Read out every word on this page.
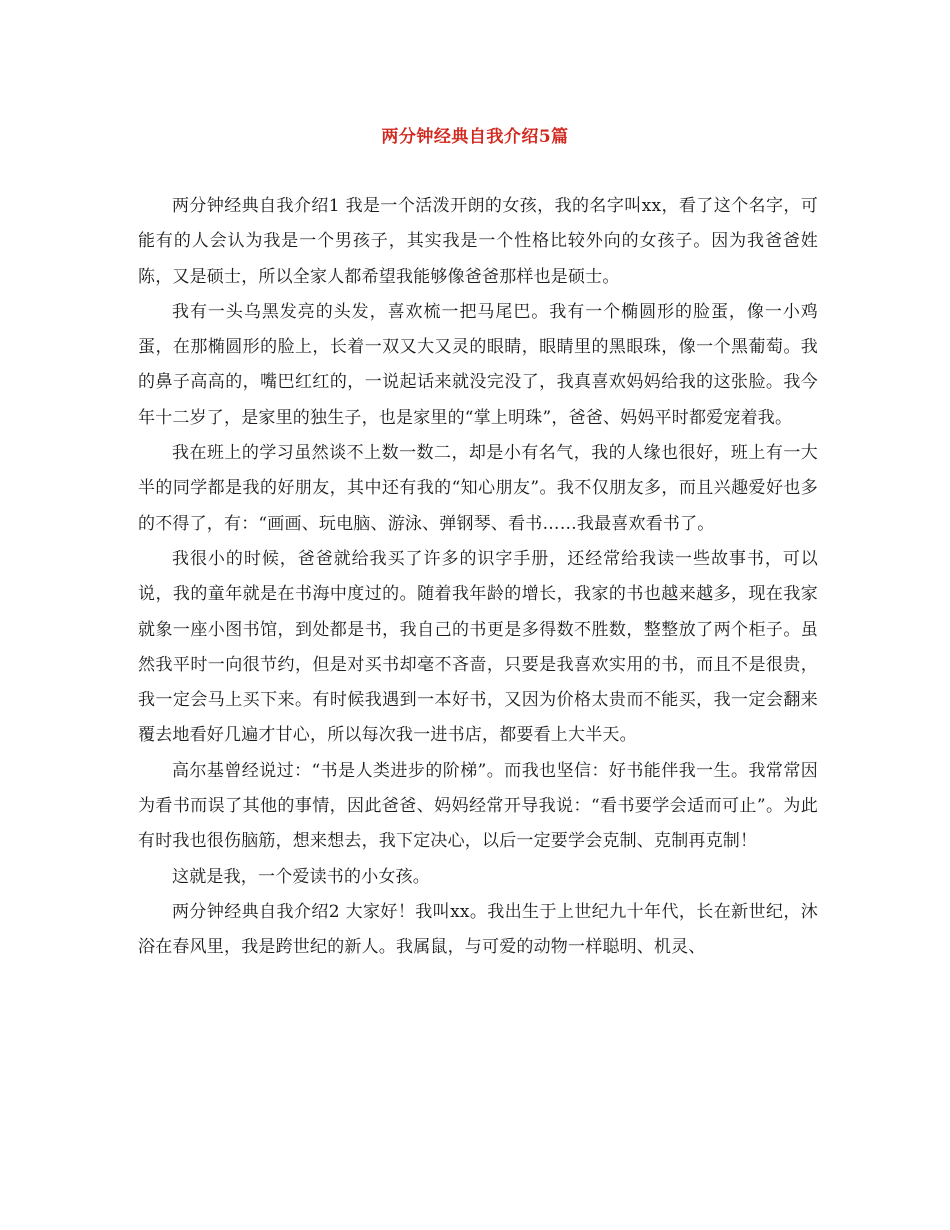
两分钟经典自我介绍5篇

两分钟经典自我介绍1 我是一个活泼开朗的女孩，我的名字叫xx，看了这个名字，可能有的人会认为我是一个男孩子，其实我是一个性格比较外向的女孩子。因为我爸爸姓陈，又是硕士，所以全家人都希望我能够像爸爸那样也是硕士。

我有一头乌黑发亮的头发，喜欢梳一把马尾巴。我有一个椭圆形的脸蛋，像一小鸡蛋，在那椭圆形的脸上，长着一双又大又灵的眼睛，眼睛里的黑眼珠，像一个黑葡萄。我的鼻子高高的，嘴巴红红的，一说起话来就没完没了，我真喜欢妈妈给我的这张脸。我今年十二岁了，是家里的独生子，也是家里的“掌上明珠”，爸爸、妈妈平时都爱宠着我。

我在班上的学习虽然谈不上数一数二，却是小有名气，我的人缘也很好，班上有一大半的同学都是我的好朋友，其中还有我的“知心朋友”。我不仅朋友多，而且兴趣爱好也多的不得了，有：“画画、玩电脑、游泳、弹钢琴、看书……我最喜欢看书了。

我很小的时候，爸爸就给我买了许多的识字手册，还经常给我读一些故事书，可以说，我的童年就是在书海中度过的。随着我年龄的增长，我家的书也越来越多，现在我家就象一座小图书馆，到处都是书，我自己的书更是多得数不胜数，整整放了两个柜子。虽然我平时一向很节约，但是对买书却毫不吝啬，只要是我喜欢实用的书，而且不是很贵，我一定会马上买下来。有时候我遇到一本好书，又因为价格太贵而不能买，我一定会翻来覆去地看好几遍才甘心，所以每次我一进书店，都要看上大半天。

高尔基曾经说过：“书是人类进步的阶梯”。而我也坚信：好书能伴我一生。我常常因为看书而误了其他的事情，因此爸爸、妈妈经常开导我说：“看书要学会适而可止”。为此有时我也很伤脑筋，想来想去，我下定决心，以后一定要学会克制、克制再克制！

这就是我，一个爱读书的小女孩。

两分钟经典自我介绍2 大家好！我叫xx。我出生于上世纪九十年代，长在新世纪，沐浴在春风里，我是跨世纪的新人。我属鼠，与可爱的动物一样聪明、机灵、
